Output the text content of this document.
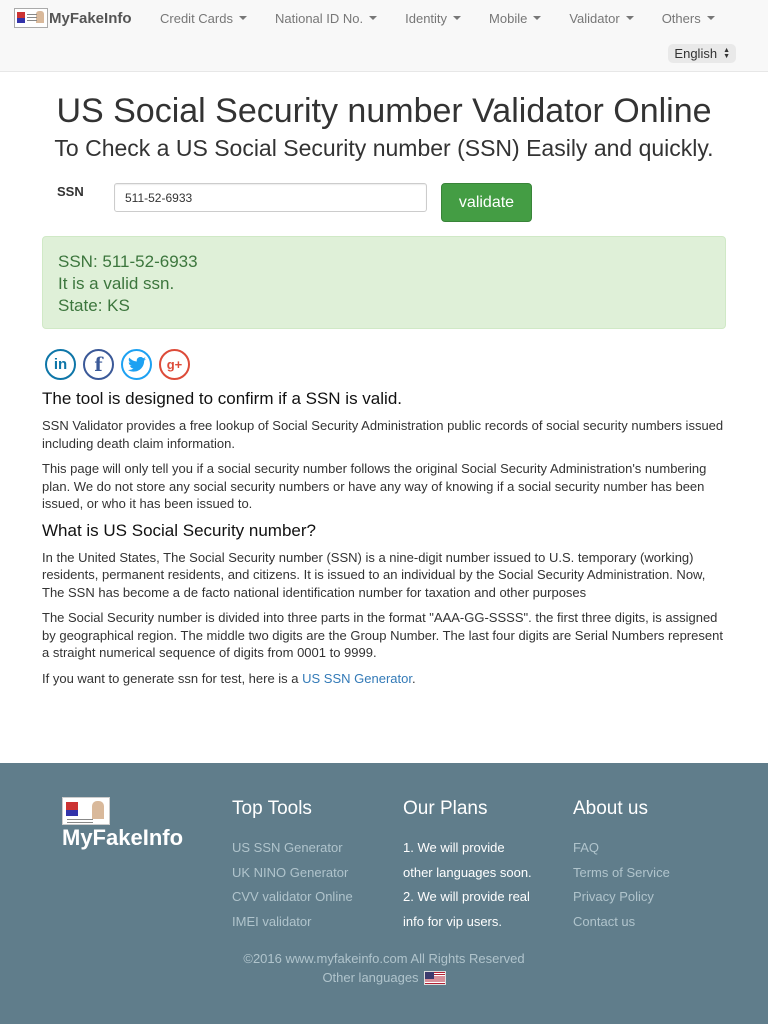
MyFakeInfo Credit Cards	National ID No.	Identity	Mobile	Validator	Others
English ▲
▼
US Social Security number Validator Online
To Check a US Social Security number (SSN) Easily and quickly.
SSN
511-52-6933
validate
SSN: 511-52-6933
It is a valid ssn.
State: KS
in f	g+
The tool is designed to confirm if a SSN is valid.

SSN Validator provides a free lookup of Social Security Administration public records of social security numbers issued including death claim information.

This page will only tell you if a social security number follows the original Social Security Administration's numbering plan. We do not store any social security numbers or have any way of knowing if a social security number has been issued, or who it has been issued to.

What is US Social Security number?

In the United States, The Social Security number (SSN) is a nine-digit number issued to U.S. temporary (working) residents, permanent residents, and citizens. It is issued to an individual by the Social Security Administration. Now, The SSN has become a de facto national identification number for taxation and other purposes

The Social Security number is divided into three parts in the format "AAA-GG-SSSS". the first three digits, is assigned by geographical region. The middle two digits are the Group Number. The last four digits are Serial Numbers represent a straight numerical sequence of digits from 0001 to 9999.

If you want to generate ssn for test, here is a US SSN Generator.

MyFakeInfo
Top Tools
US SSN Generator
UK NINO Generator
CVV validator Online
IMEI validator
Our Plans
1. We will provide
other languages soon.
2. We will provide real
info for vip users.
About us
FAQ
Terms of Service
Privacy Policy
Contact us
©2016 www.myfakeinfo.com All Rights Reserved
Other languages
